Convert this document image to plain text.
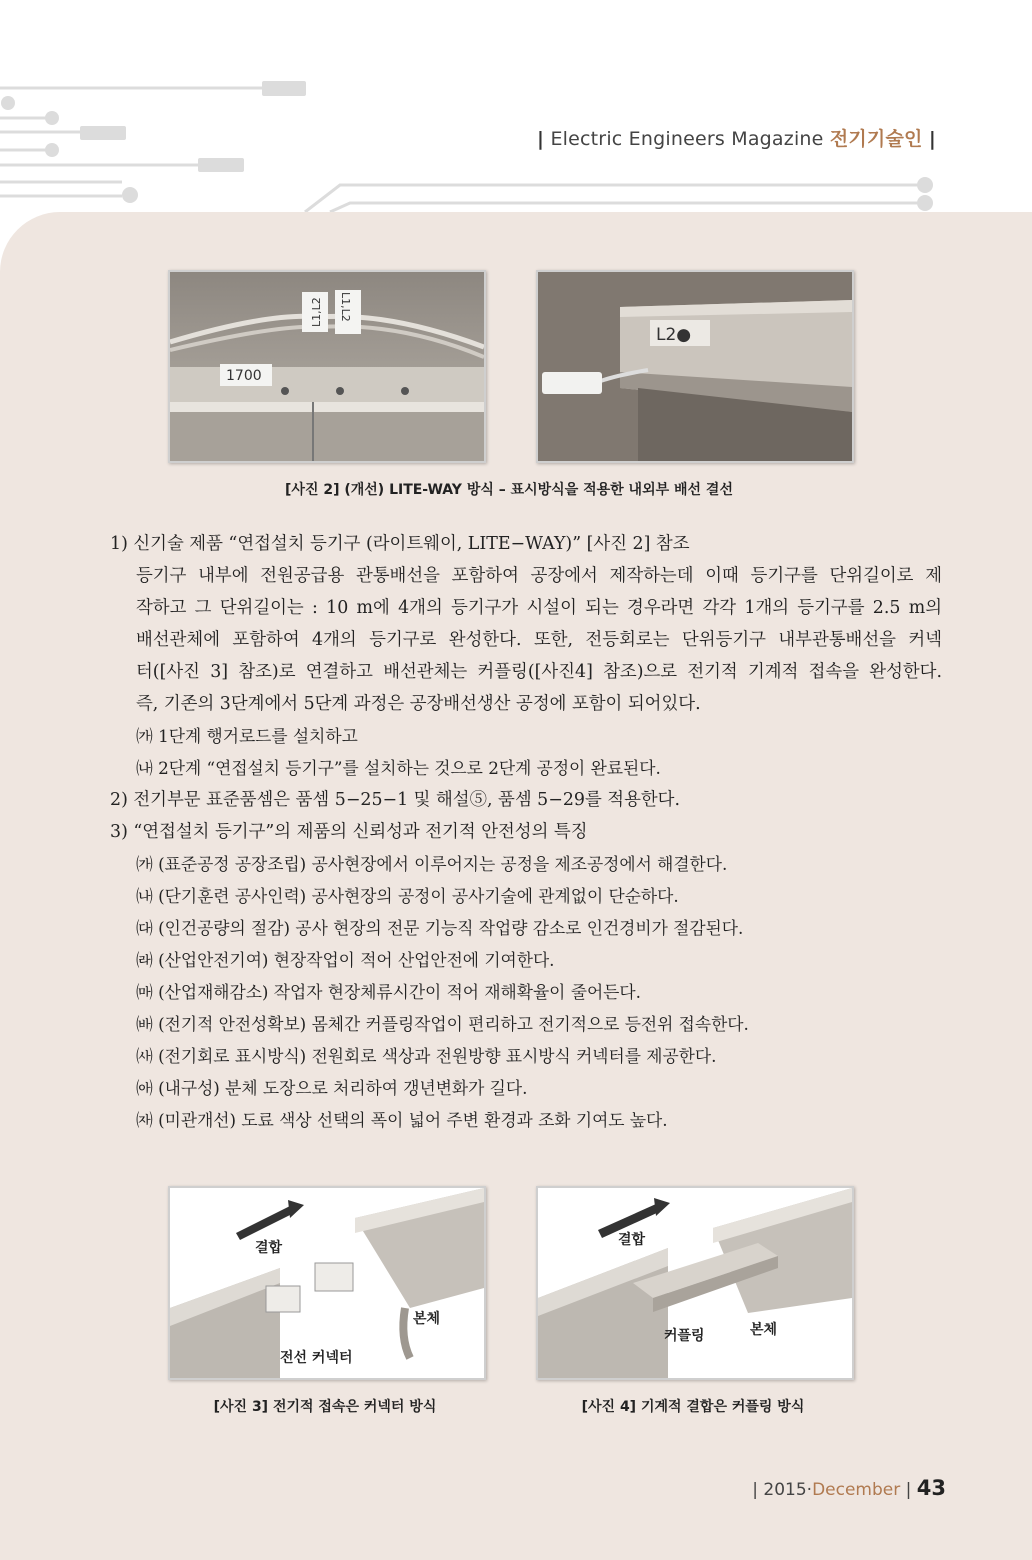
| Electric Engineers Magazine 전기기술인 |
1700
L1,L2 L1,L2
L2●
[사진 2] (개선) LITE-WAY 방식 – 표시방식을 적용한 내외부 배선 결선
1) 신기술 제품 “연접설치 등기구 (라이트웨이, LITE−WAY)” [사진 2] 참조
등기구 내부에 전원공급용 관통배선을 포함하여 공장에서 제작하는데 이때 등기구를 단위길이로 제
작하고 그 단위길이는 : 10 m에 4개의 등기구가 시설이 되는 경우라면 각각 1개의 등기구를 2.5 m의
배선관체에 포함하여 4개의 등기구로 완성한다. 또한, 전등회로는 단위등기구 내부관통배선을 커넥
터([사진 3] 참조)로 연결하고 배선관체는 커플링([사진4] 참조)으로 전기적 기계적 접속을 완성한다.
즉, 기존의 3단계에서 5단계 과정은 공장배선생산 공정에 포함이 되어있다.
㈎ 1단계 행거로드를 설치하고
㈏ 2단계 “연접설치 등기구”를 설치하는 것으로 2단계 공정이 완료된다.
2) 전기부문 표준품셈은 품셈 5−25−1 및 해설⑤, 품셈 5−29를 적용한다.
3) “연접설치 등기구”의 제품의 신뢰성과 전기적 안전성의 특징
㈎ (표준공정 공장조립) 공사현장에서 이루어지는 공정을 제조공정에서 해결한다.
㈏ (단기훈련 공사인력) 공사현장의 공정이 공사기술에 관계없이 단순하다.
㈐ (인건공량의 절감) 공사 현장의 전문 기능직 작업량 감소로 인건경비가 절감된다.
㈑ (산업안전기여) 현장작업이 적어 산업안전에 기여한다.
㈒ (산업재해감소) 작업자 현장체류시간이 적어 재해확율이 줄어든다.
㈓ (전기적 안전성확보) 몸체간 커플링작업이 편리하고 전기적으로 등전위 접속한다.
㈔ (전기회로 표시방식) 전원회로 색상과 전원방향 표시방식 커넥터를 제공한다.
㈕ (내구성) 분체 도장으로 처리하여 갱년변화가 길다.
㈖ (미관개선) 도료 색상 선택의 폭이 넓어 주변 환경과 조화 기여도 높다.
결합
본체
전선 커넥터
[사진 3] 전기적 접속은 커넥터 방식
결합
커플링	본체
[사진 4] 기계적 결합은 커플링 방식
| 2015·December | 43
